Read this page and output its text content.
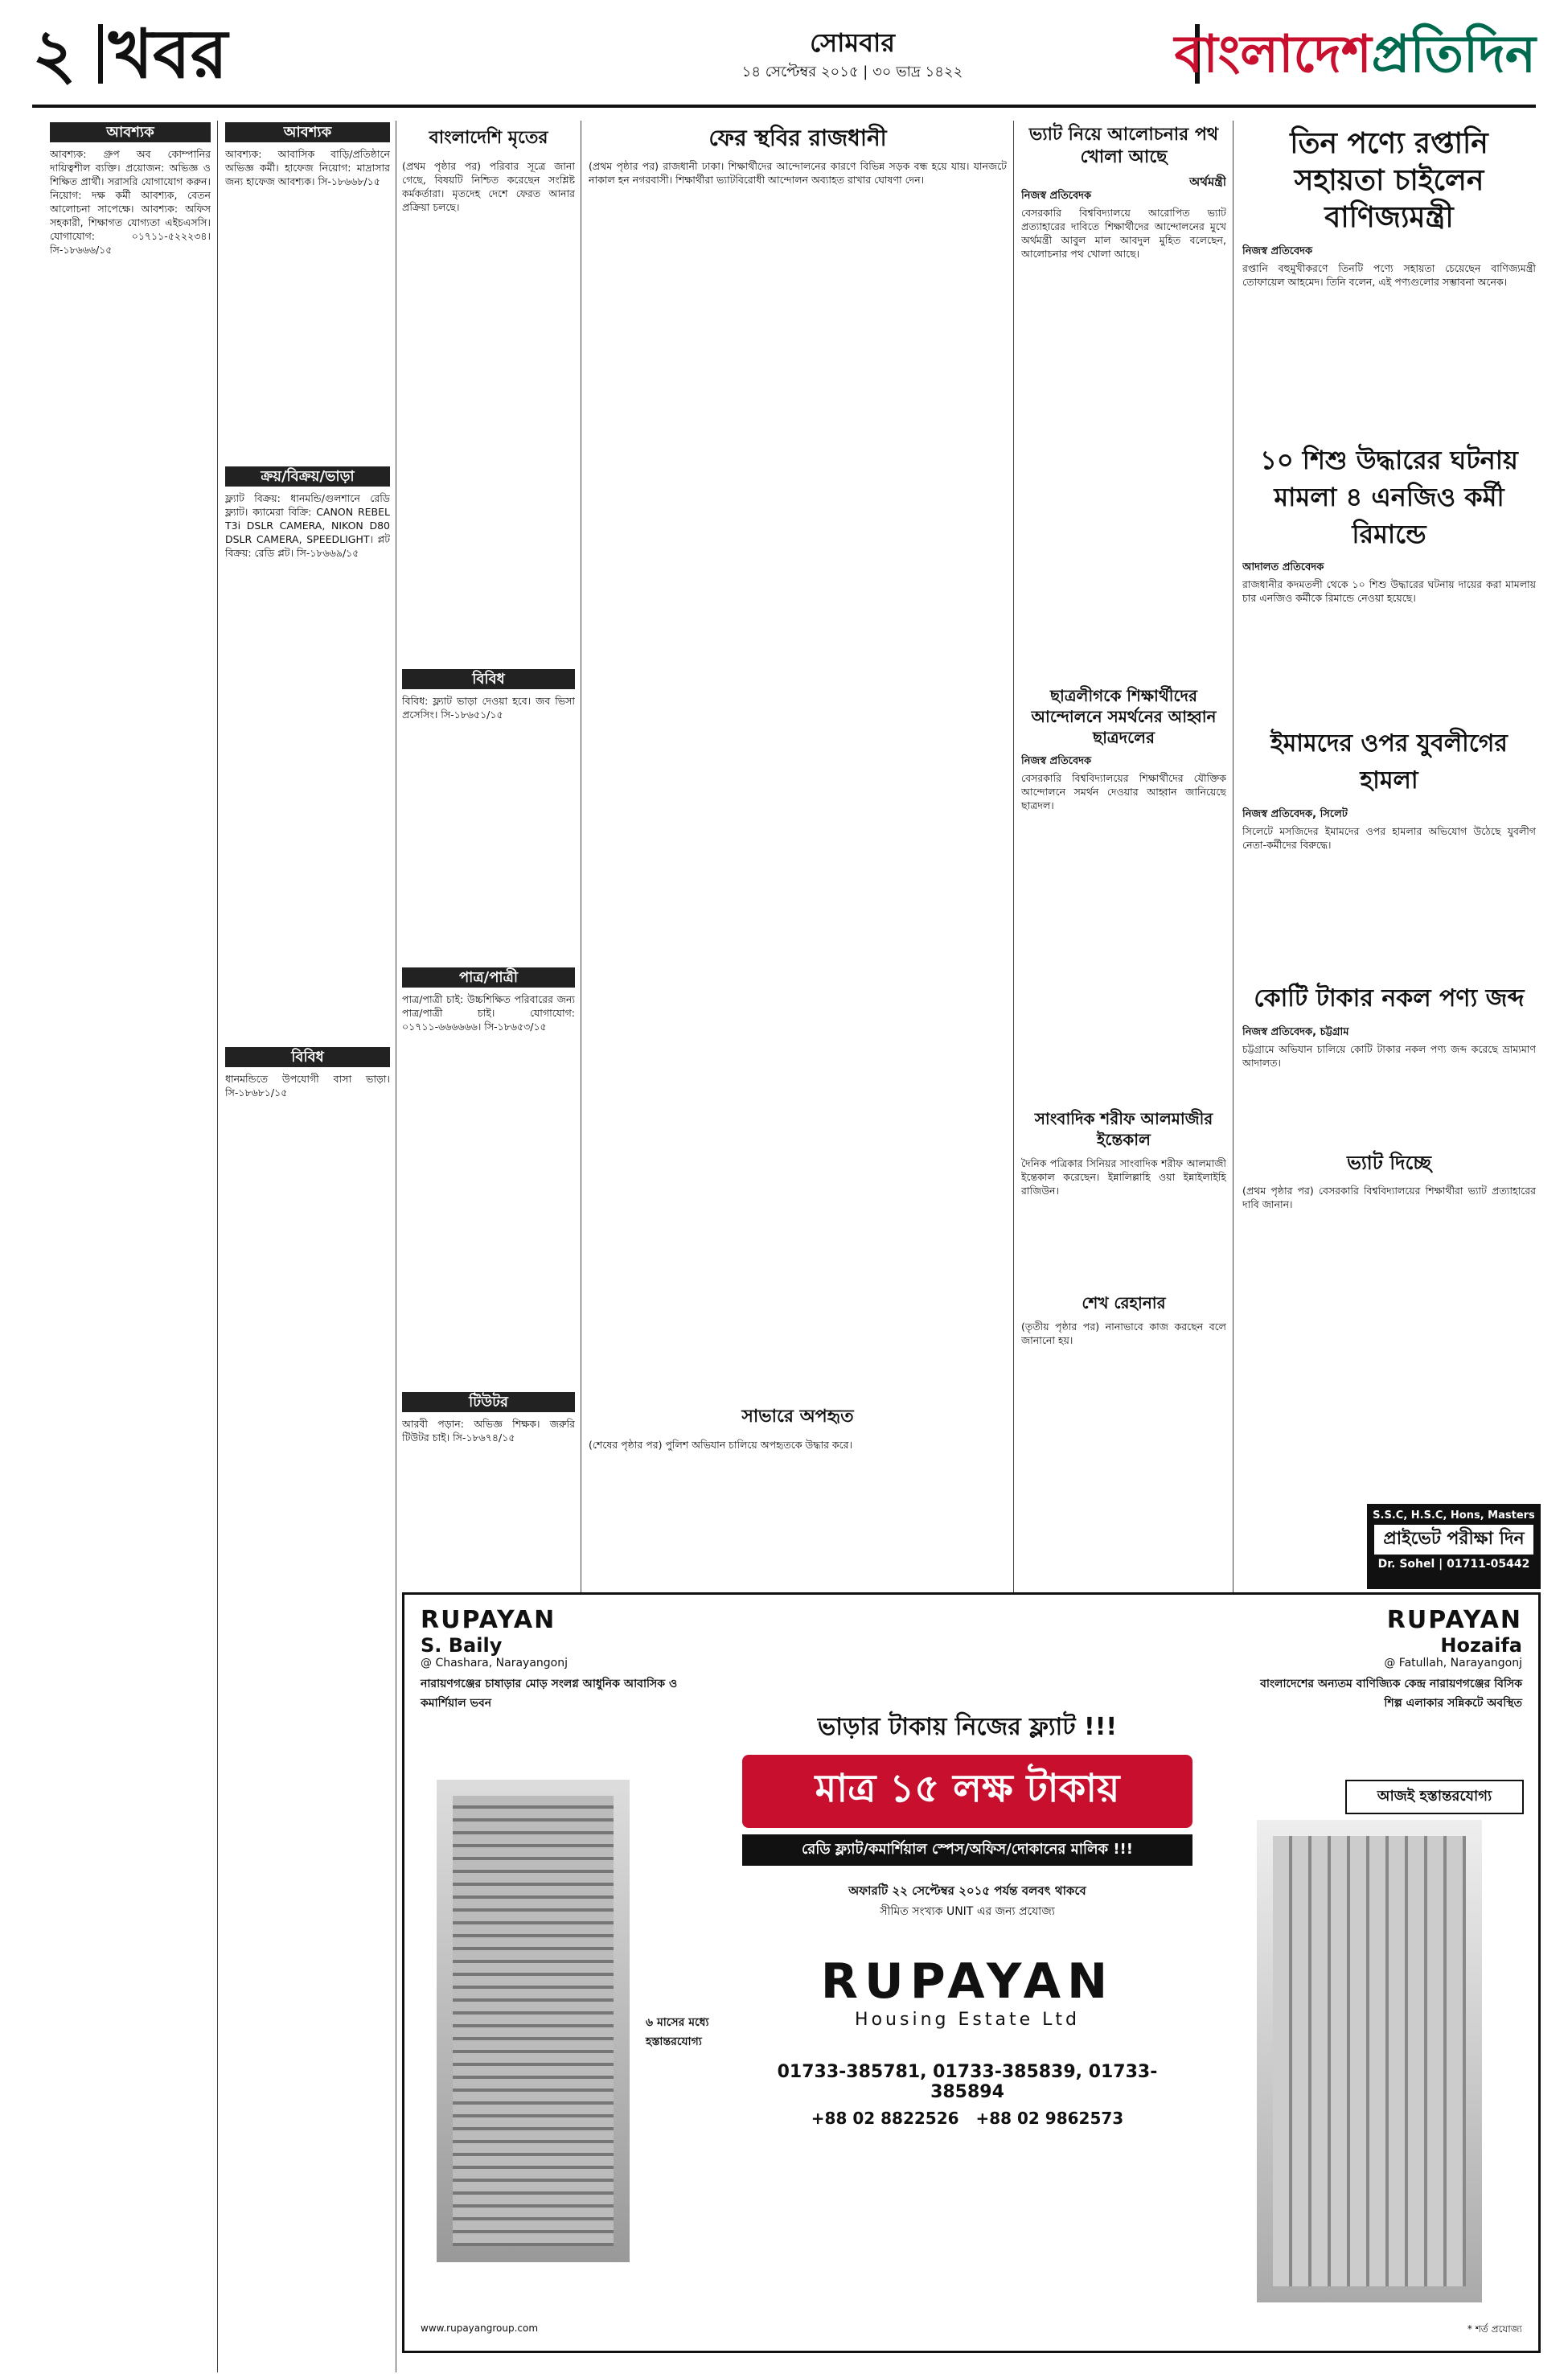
২ খবর	সোমবার
১৪ সেপ্টেম্বর ২০১৫ | ৩০ ভাদ্র ১৪২২	বাংলাদেশপ্রতিদিন
আবশ্যক

আবশ্যক: গ্রুপ অব কোম্পানির দায়িত্বশীল ব্যক্তি। প্রয়োজন: অভিজ্ঞ ও শিক্ষিত প্রার্থী। সরাসরি যোগাযোগ করুন। নিয়োগ: দক্ষ কর্মী আবশ্যক, বেতন আলোচনা সাপেক্ষে। আবশ্যক: অফিস সহকারী, শিক্ষাগত যোগ্যতা এইচএসসি। যোগাযোগ: ০১৭১১-৫২২২৩৪। সি-১৮৬৬৬/১৫

আবশ্যক

আবশ্যক: আবাসিক বাড়ি/প্রতিষ্ঠানে অভিজ্ঞ কর্মী। হাফেজ নিয়োগ: মাদ্রাসার জন্য হাফেজ আবশ্যক। সি-১৮৬৬৮/১৫

ক্রয়/বিক্রয়/ভাড়া

ফ্ল্যাট বিক্রয়: ধানমন্ডি/গুলশানে রেডি ফ্ল্যাট। ক্যামেরা বিক্রি: CANON REBEL T3i DSLR CAMERA, NIKON D80 DSLR CAMERA, SPEEDLIGHT। প্লট বিক্রয়: রেডি প্লট। সি-১৮৬৬৯/১৫

বিবিধ

ধানমন্ডিতে উপযোগী বাসা ভাড়া। সি-১৮৬৮১/১৫

বাংলাদেশি মৃতের

(প্রথম পৃষ্ঠার পর) পরিবার সূত্রে জানা গেছে, বিষয়টি নিশ্চিত করেছেন সংশ্লিষ্ট কর্মকর্তারা। মৃতদেহ দেশে ফেরত আনার প্রক্রিয়া চলছে।

বিবিধ

বিবিধ: ফ্ল্যাট ভাড়া দেওয়া হবে। জব ভিসা প্রসেসিং। সি-১৮৬৫১/১৫

পাত্র/পাত্রী

পাত্র/পাত্রী চাই: উচ্চশিক্ষিত পরিবারের জন্য পাত্র/পাত্রী চাই। যোগাযোগ: ০১৭১১-৬৬৬৬৬৬। সি-১৮৬৫৩/১৫

টিউটর

আরবী পড়ান: অভিজ্ঞ শিক্ষক। জরুরি টিউটর চাই। সি-১৮৬৭৪/১৫

ফের স্থবির রাজধানী

(প্রথম পৃষ্ঠার পর) রাজধানী ঢাকা। শিক্ষার্থীদের আন্দোলনের কারণে বিভিন্ন সড়ক বন্ধ হয়ে যায়। যানজটে নাকাল হন নগরবাসী। শিক্ষার্থীরা ভ্যাটবিরোধী আন্দোলন অব্যাহত রাখার ঘোষণা দেন।

সাভারে অপহৃত

(শেষের পৃষ্ঠার পর) পুলিশ অভিযান চালিয়ে অপহৃতকে উদ্ধার করে।

ভ্যাট নিয়ে আলোচনার পথ খোলা আছে
অর্থমন্ত্রী
নিজস্ব প্রতিবেদক

বেসরকারি বিশ্ববিদ্যালয়ে আরোপিত ভ্যাট প্রত্যাহারের দাবিতে শিক্ষার্থীদের আন্দোলনের মুখে অর্থমন্ত্রী আবুল মাল আবদুল মুহিত বলেছেন, আলোচনার পথ খোলা আছে।

ছাত্রলীগকে শিক্ষার্থীদের আন্দোলনে সমর্থনের আহ্বান ছাত্রদলের
নিজস্ব প্রতিবেদক

বেসরকারি বিশ্ববিদ্যালয়ের শিক্ষার্থীদের যৌক্তিক আন্দোলনে সমর্থন দেওয়ার আহ্বান জানিয়েছে ছাত্রদল।

সাংবাদিক শরীফ আলমাজীর ইন্তেকাল

দৈনিক পত্রিকার সিনিয়র সাংবাদিক শরীফ আলমাজী ইন্তেকাল করেছেন। ইন্নালিল্লাহি ওয়া ইন্নাইলাইহি রাজিউন।

শেখ রেহানার

(তৃতীয় পৃষ্ঠার পর) নানাভাবে কাজ করছেন বলে জানানো হয়।

তিন পণ্যে রপ্তানি সহায়তা চাইলেন বাণিজ্যমন্ত্রী
নিজস্ব প্রতিবেদক

রপ্তানি বহুমুখীকরণে তিনটি পণ্যে সহায়তা চেয়েছেন বাণিজ্যমন্ত্রী তোফায়েল আহমেদ। তিনি বলেন, এই পণ্যগুলোর সম্ভাবনা অনেক।

১০ শিশু উদ্ধারের ঘটনায় মামলা ৪ এনজিও কর্মী রিমান্ডে
আদালত প্রতিবেদক

রাজধানীর কদমতলী থেকে ১০ শিশু উদ্ধারের ঘটনায় দায়ের করা মামলায় চার এনজিও কর্মীকে রিমান্ডে নেওয়া হয়েছে।

ইমামদের ওপর যুবলীগের হামলা
নিজস্ব প্রতিবেদক, সিলেট

সিলেটে মসজিদের ইমামদের ওপর হামলার অভিযোগ উঠেছে যুবলীগ নেতা-কর্মীদের বিরুদ্ধে।

কোটি টাকার নকল পণ্য জব্দ
নিজস্ব প্রতিবেদক, চট্টগ্রাম

চট্টগ্রামে অভিযান চালিয়ে কোটি টাকার নকল পণ্য জব্দ করেছে ভ্রাম্যমাণ আদালত।

ভ্যাট দিচ্ছে

(প্রথম পৃষ্ঠার পর) বেসরকারি বিশ্ববিদ্যালয়ের শিক্ষার্থীরা ভ্যাট প্রত্যাহারের দাবি জানান।

S.S.C, H.S.C, Hons, Masters
প্রাইভেট পরীক্ষা দিন
Dr. Sohel | 01711-05442
RUPAYAN
S. Baily
@ Chashara, Narayangonj
নারায়ণগঞ্জের চাষাড়ার মোড় সংলগ্ন আধুনিক আবাসিক ও কমার্শিয়াল ভবন
৬ মাসের মধ্যে হস্তান্তরযোগ্য
ভাড়ার টাকায় নিজের ফ্ল্যাট !!!
মাত্র ১৫ লক্ষ টাকায়
রেডি ফ্ল্যাট/কমার্শিয়াল স্পেস/অফিস/দোকানের মালিক !!!
অফারটি ২২ সেপ্টেম্বর ২০১৫ পর্যন্ত বলবৎ থাকবে
সীমিত সংখ্যক UNIT এর জন্য প্রযোজ্য
RUPAYAN
Housing Estate Ltd
01733-385781, 01733-385839, 01733-385894
+88 02 8822526 +88 02 9862573
www.rupayangroup.com
RUPAYAN
Hozaifa
@ Fatullah, Narayangonj
বাংলাদেশের অন্যতম বাণিজ্যিক কেন্দ্র নারায়ণগঞ্জের বিসিক শিল্প এলাকার সন্নিকটে অবস্থিত
আজই হস্তান্তরযোগ্য
* শর্ত প্রযোজ্য
